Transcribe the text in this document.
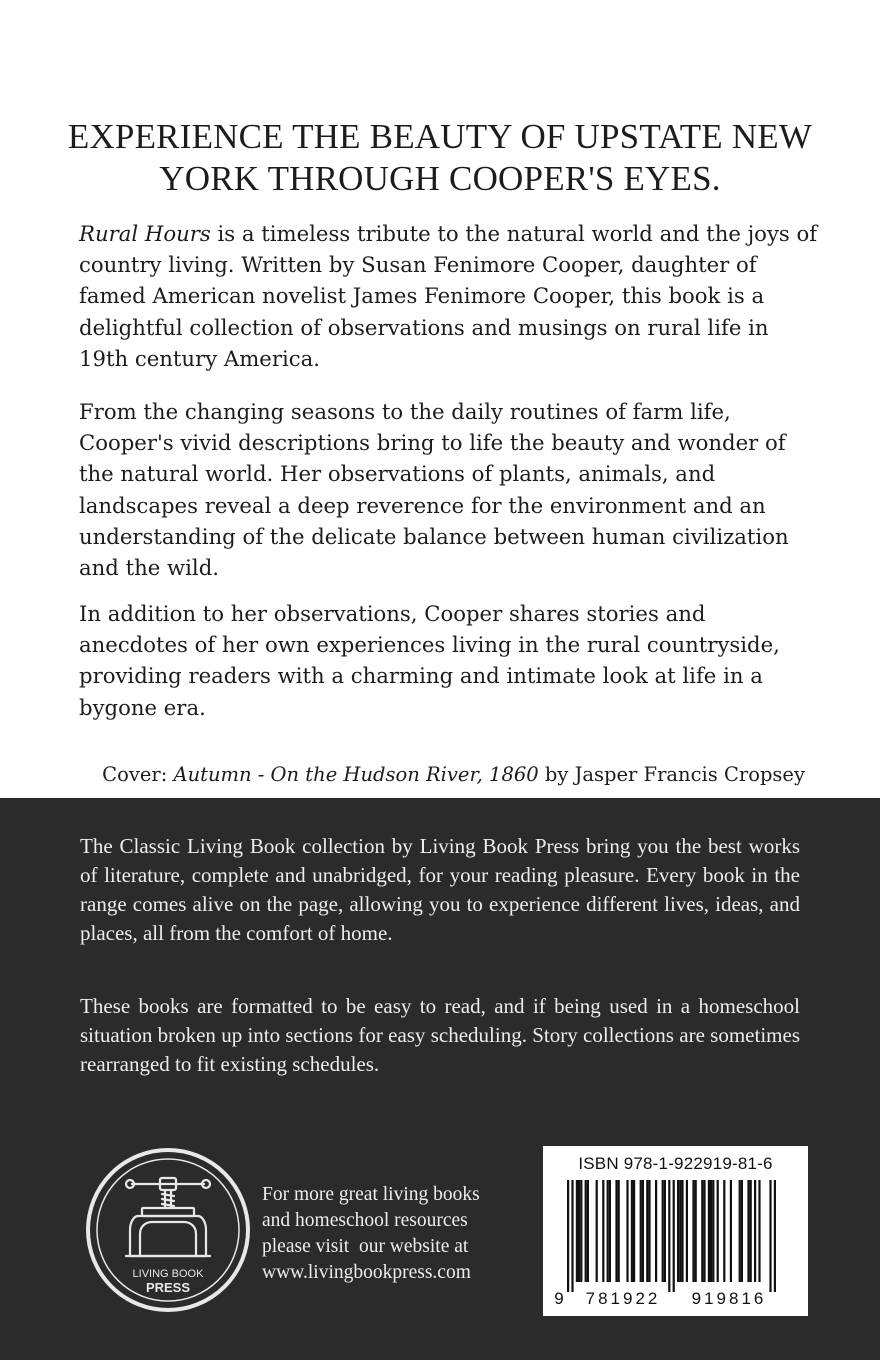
EXPERIENCE THE BEAUTY OF UPSTATE NEW YORK THROUGH COOPER'S EYES.

Rural Hours is a timeless tribute to the natural world and the joys of country living. Written by Susan Fenimore Cooper, daughter of famed American novelist James Fenimore Cooper, this book is a delightful collection of observations and musings on rural life in 19th century America.

From the changing seasons to the daily routines of farm life, Cooper's vivid descriptions bring to life the beauty and wonder of the natural world. Her observations of plants, animals, and landscapes reveal a deep reverence for the environment and an understanding of the delicate balance between human civilization and the wild.

In addition to her observations, Cooper shares stories and anecdotes of her own experiences living in the rural countryside, providing readers with a charming and intimate look at life in a bygone era.

Cover: Autumn - On the Hudson River, 1860 by Jasper Francis Cropsey

The Classic Living Book collection by Living Book Press bring you the best works of literature, complete and unabridged, for your reading pleasure. Every book in the range comes alive on the page, allowing you to experience different lives, ideas, and places, all from the comfort of home.

These books are formatted to be easy to read, and if being used in a homeschool situation broken up into sections for easy scheduling. Story collections are sometimes rearranged to fit existing schedules.

LIVING BOOK
PRESS
For more great living books
and homeschool resources
please visit  our website at
www.livingbookpress.com
ISBN 978-1-922919-81-6
9 781922 919816
